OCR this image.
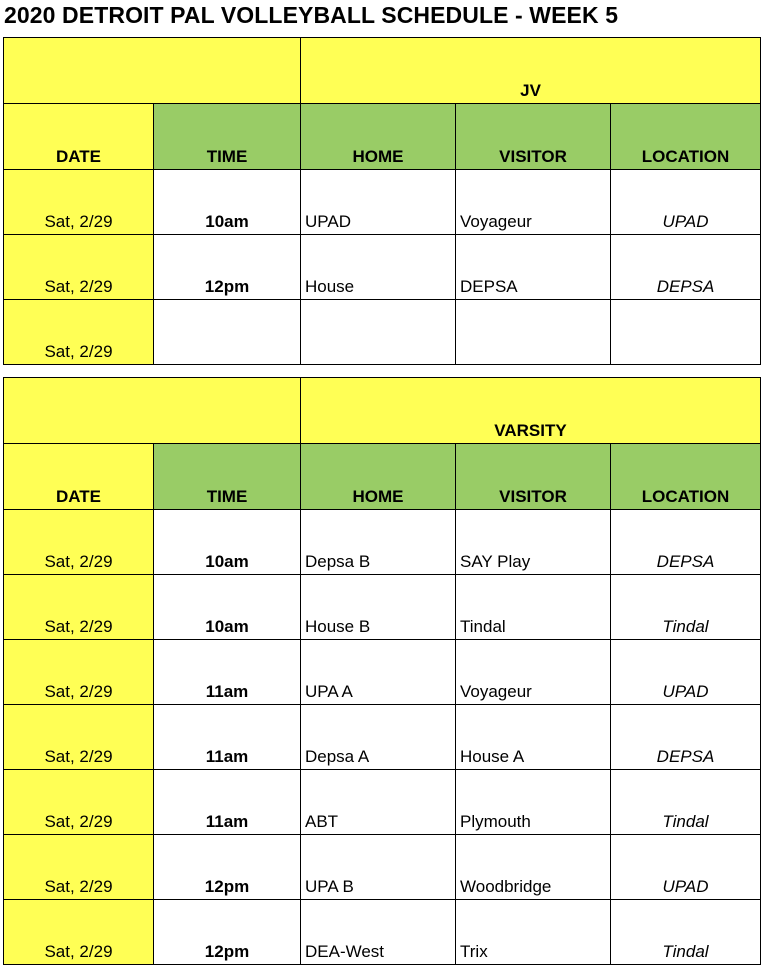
2020 DETROIT PAL VOLLEYBALL SCHEDULE - WEEK 5
		JV		
DATE	TIME	HOME	VISITOR	LOCATION
Sat, 2/29	10am	UPAD	Voyageur	UPAD
Sat, 2/29	12pm	House	DEPSA	DEPSA
Sat, 2/29				
		VARSITY		
DATE	TIME	HOME	VISITOR	LOCATION
Sat, 2/29	10am	Depsa B	SAY Play	DEPSA
Sat, 2/29	10am	House B	Tindal	Tindal
Sat, 2/29	11am	UPA A	Voyageur	UPAD
Sat, 2/29	11am	Depsa A	House A	DEPSA
Sat, 2/29	11am	ABT	Plymouth	Tindal
Sat, 2/29	12pm	UPA B	Woodbridge	UPAD
Sat, 2/29	12pm	DEA-West	Trix	Tindal
